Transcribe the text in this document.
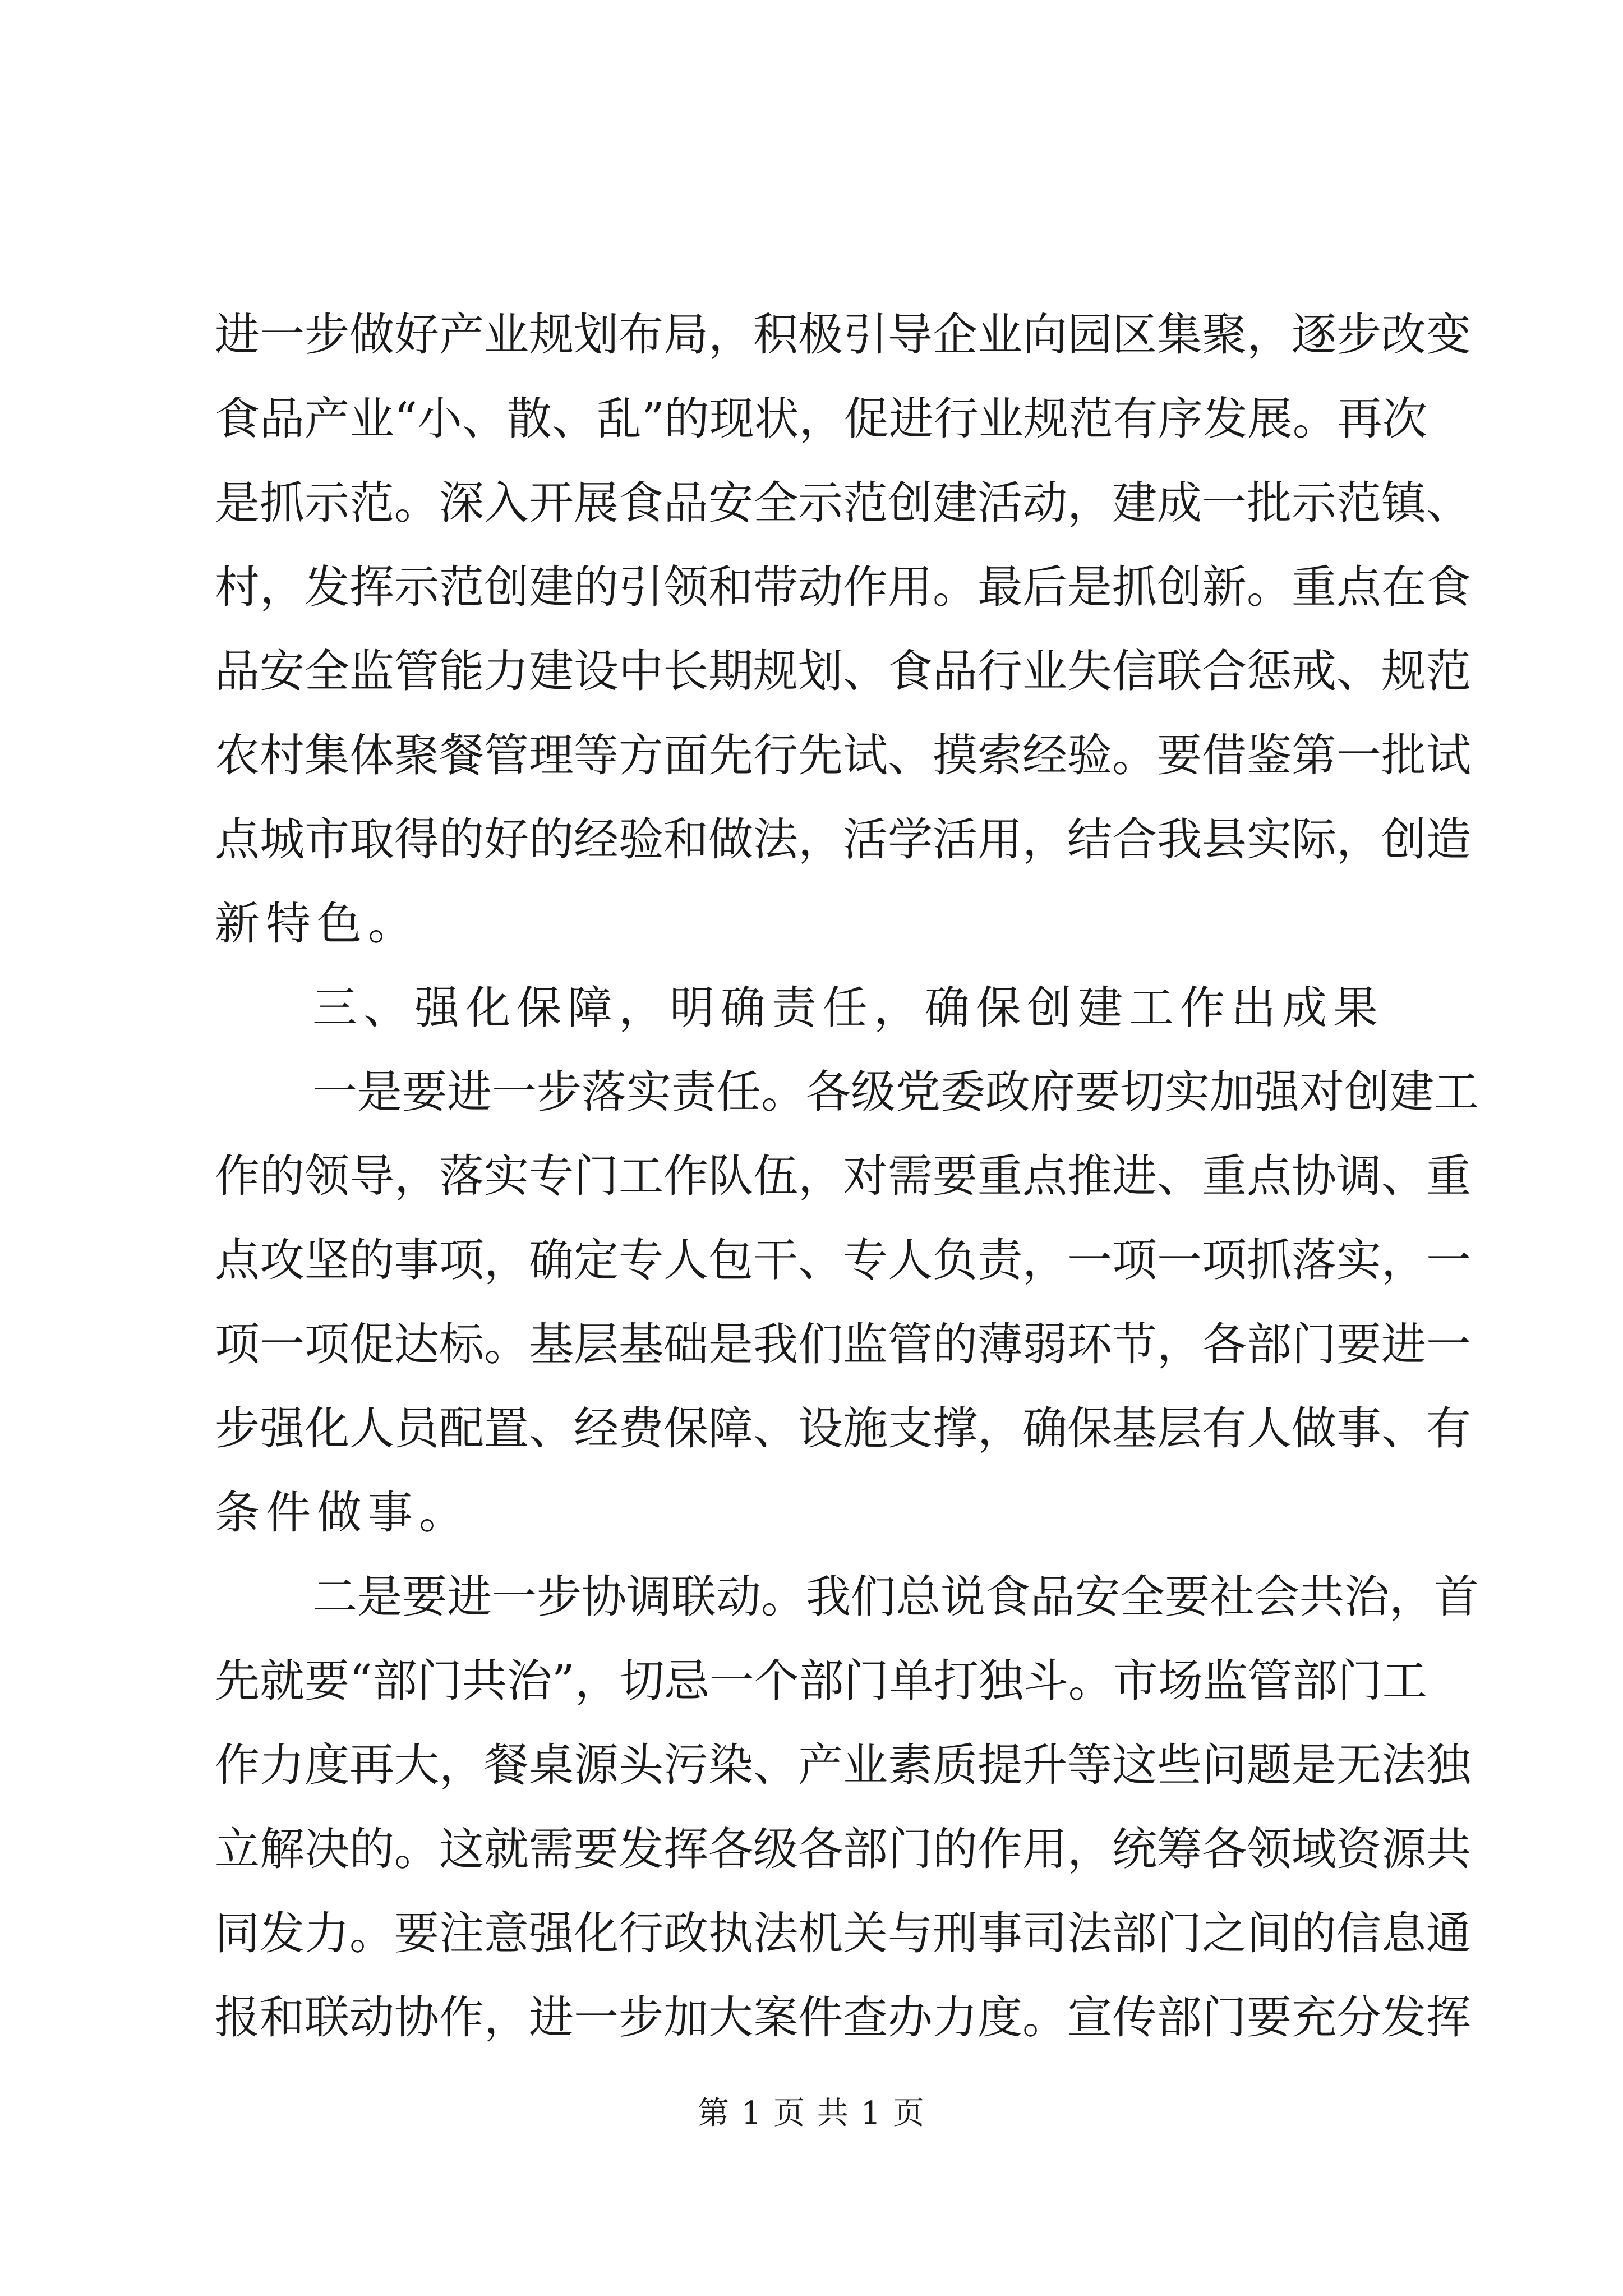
进一步做好产业规划布局，积极引导企业向园区集聚，逐步改变
食品产业“小、散、乱”的现状，促进行业规范有序发展。再次
是抓示范。深入开展食品安全示范创建活动，建成一批示范镇、
村，发挥示范创建的引领和带动作用。最后是抓创新。重点在食
品安全监管能力建设中长期规划、食品行业失信联合惩戒、规范
农村集体聚餐管理等方面先行先试、摸索经验。要借鉴第一批试
点城市取得的好的经验和做法，活学活用，结合我县实际，创造
新特色。
三、强化保障，明确责任，确保创建工作出成果
一是要进一步落实责任。各级党委政府要切实加强对创建工
作的领导，落实专门工作队伍，对需要重点推进、重点协调、重
点攻坚的事项，确定专人包干、专人负责，一项一项抓落实，一
项一项促达标。基层基础是我们监管的薄弱环节，各部门要进一
步强化人员配置、经费保障、设施支撑，确保基层有人做事、有
条件做事。
二是要进一步协调联动。我们总说食品安全要社会共治，首
先就要“部门共治”，切忌一个部门单打独斗。市场监管部门工
作力度再大，餐桌源头污染、产业素质提升等这些问题是无法独
立解决的。这就需要发挥各级各部门的作用，统筹各领域资源共
同发力。要注意强化行政执法机关与刑事司法部门之间的信息通
报和联动协作，进一步加大案件查办力度。宣传部门要充分发挥
第 1 页 共 1 页
